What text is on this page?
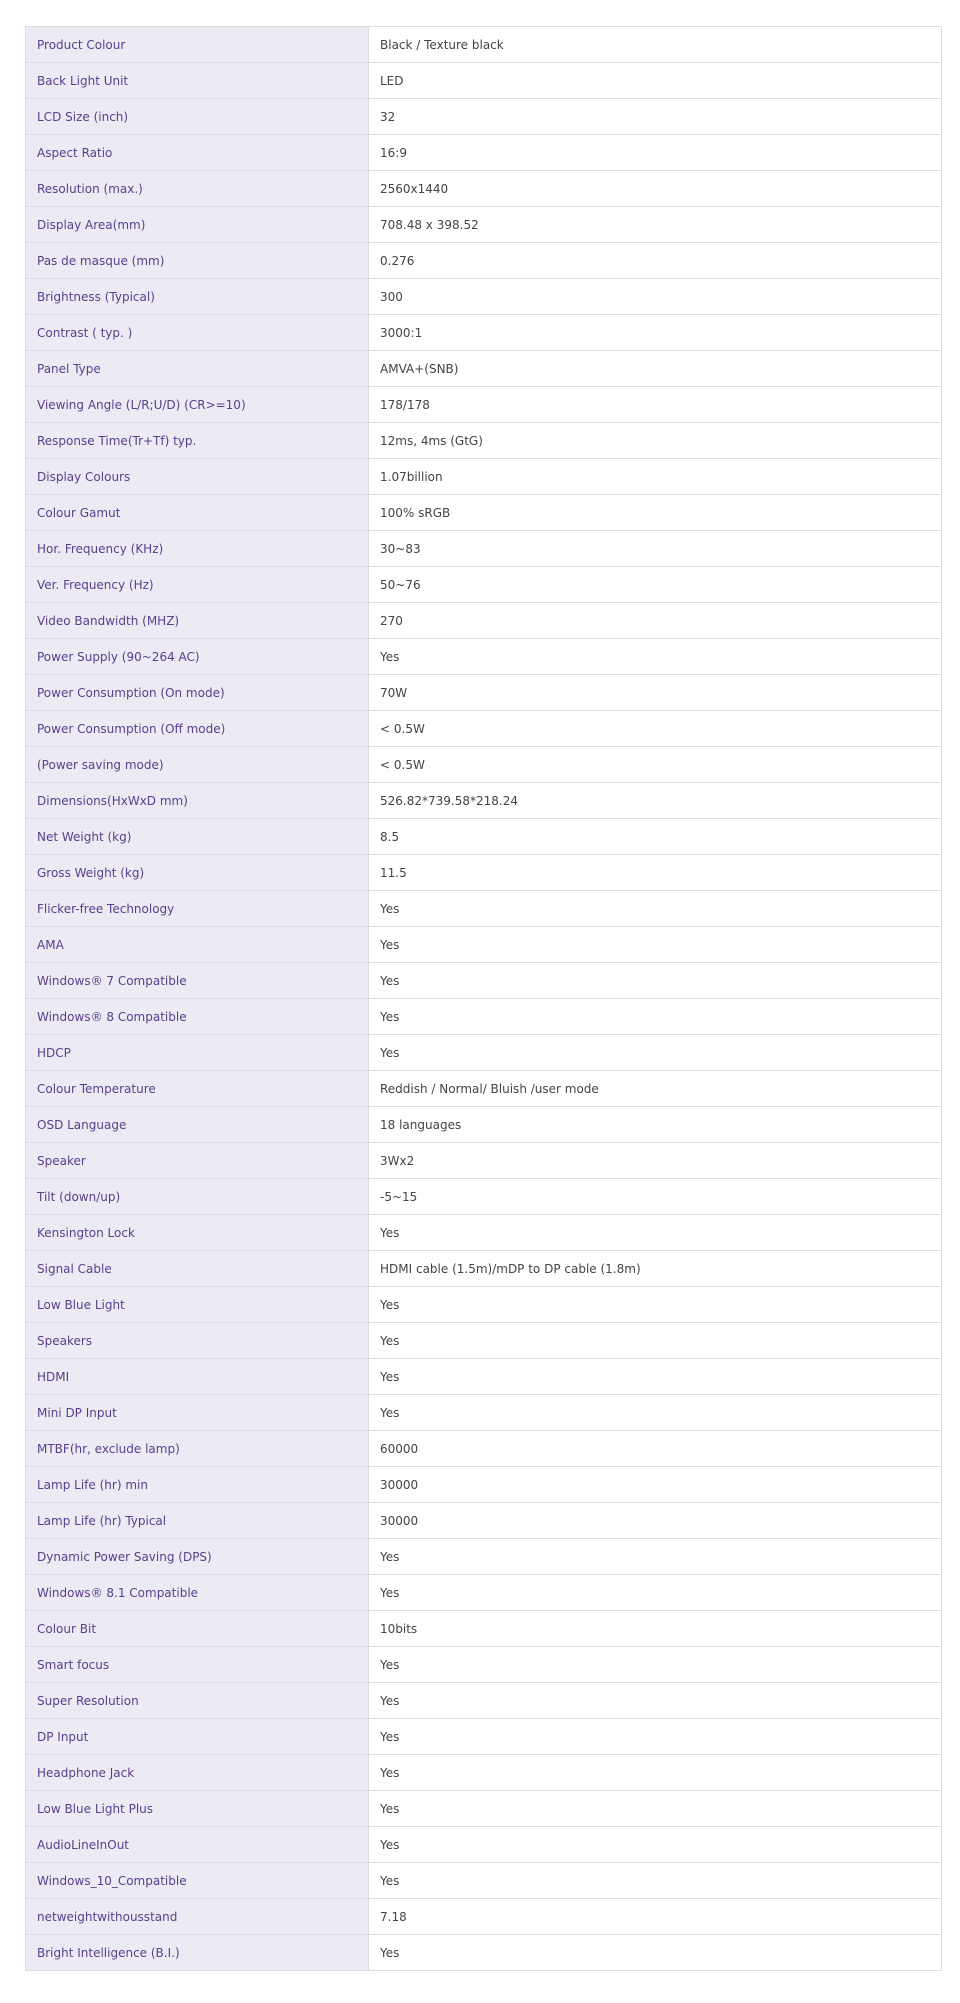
Product Colour	Black / Texture black
Back Light Unit	LED
LCD Size (inch)	32
Aspect Ratio	16:9
Resolution (max.)	2560x1440
Display Area(mm)	708.48 x 398.52
Pas de masque (mm)	0.276
Brightness (Typical)	300
Contrast ( typ. )	3000:1
Panel Type	AMVA+(SNB)
Viewing Angle (L/R;U/D) (CR>=10)	178/178
Response Time(Tr+Tf) typ.	12ms, 4ms (GtG)
Display Colours	1.07billion
Colour Gamut	100% sRGB
Hor. Frequency (KHz)	30~83
Ver. Frequency (Hz)	50~76
Video Bandwidth (MHZ)	270
Power Supply (90~264 AC)	Yes
Power Consumption (On mode)	70W
Power Consumption (Off mode)	< 0.5W
(Power saving mode)	< 0.5W
Dimensions(HxWxD mm)	526.82*739.58*218.24
Net Weight (kg)	8.5
Gross Weight (kg)	11.5
Flicker-free Technology	Yes
AMA	Yes
Windows® 7 Compatible	Yes
Windows® 8 Compatible	Yes
HDCP	Yes
Colour Temperature	Reddish / Normal/ Bluish /user mode
OSD Language	18 languages
Speaker	3Wx2
Tilt (down/up)	-5~15
Kensington Lock	Yes
Signal Cable	HDMI cable (1.5m)/mDP to DP cable (1.8m)
Low Blue Light	Yes
Speakers	Yes
HDMI	Yes
Mini DP Input	Yes
MTBF(hr, exclude lamp)	60000
Lamp Life (hr) min	30000
Lamp Life (hr) Typical	30000
Dynamic Power Saving (DPS)	Yes
Windows® 8.1 Compatible	Yes
Colour Bit	10bits
Smart focus	Yes
Super Resolution	Yes
DP Input	Yes
Headphone Jack	Yes
Low Blue Light Plus	Yes
AudioLineInOut	Yes
Windows_10_Compatible	Yes
netweightwithousstand	7.18
Bright Intelligence (B.I.)	Yes
